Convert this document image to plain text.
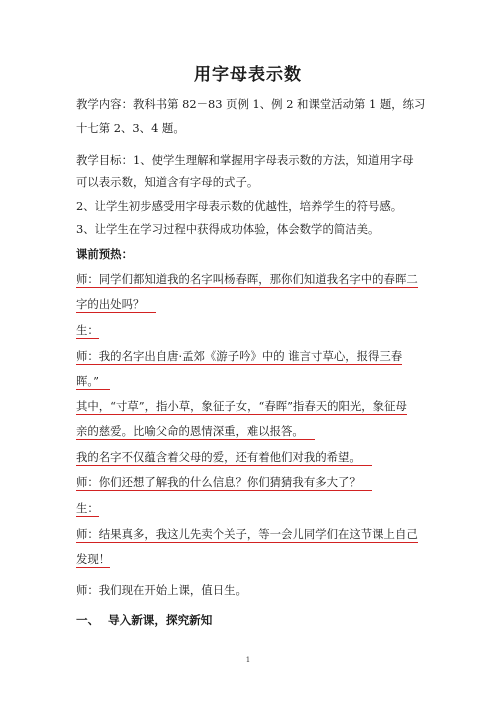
用字母表示数
教学内容：教科书第 82－83 页例 1、例 2 和课堂活动第 1 题，练习
十七第 2、3、4 题。
教学目标：1、使学生理解和掌握用字母表示数的方法，知道用字母
可以表示数，知道含有字母的式子。
2、让学生初步感受用字母表示数的优越性，培养学生的符号感。
3、让学生在学习过程中获得成功体验，体会数学的简洁美。
课前预热：
师：同学们都知道我的名字叫杨春晖，那你们知道我名字中的春晖二
字的出处吗？ 
生：
师：我的名字出自唐·孟郊《游子吟》中的 谁言寸草心，报得三春
晖。” 
其中，“寸草”，指小草，象征子女，“春晖”指春天的阳光，象征母
亲的慈爱。比喻父命的恩情深重，难以报答。 
我的名字不仅蕴含着父母的爱，还有着他们对我的希望。 
师：你们还想了解我的什么信息？你们猜猜我有多大了？ 
生：
师：结果真多，我这儿先卖个关子，等一会儿同学们在这节课上自己
发现！
师：我们现在开始上课，值日生。
一、 导入新课，探究新知
1
